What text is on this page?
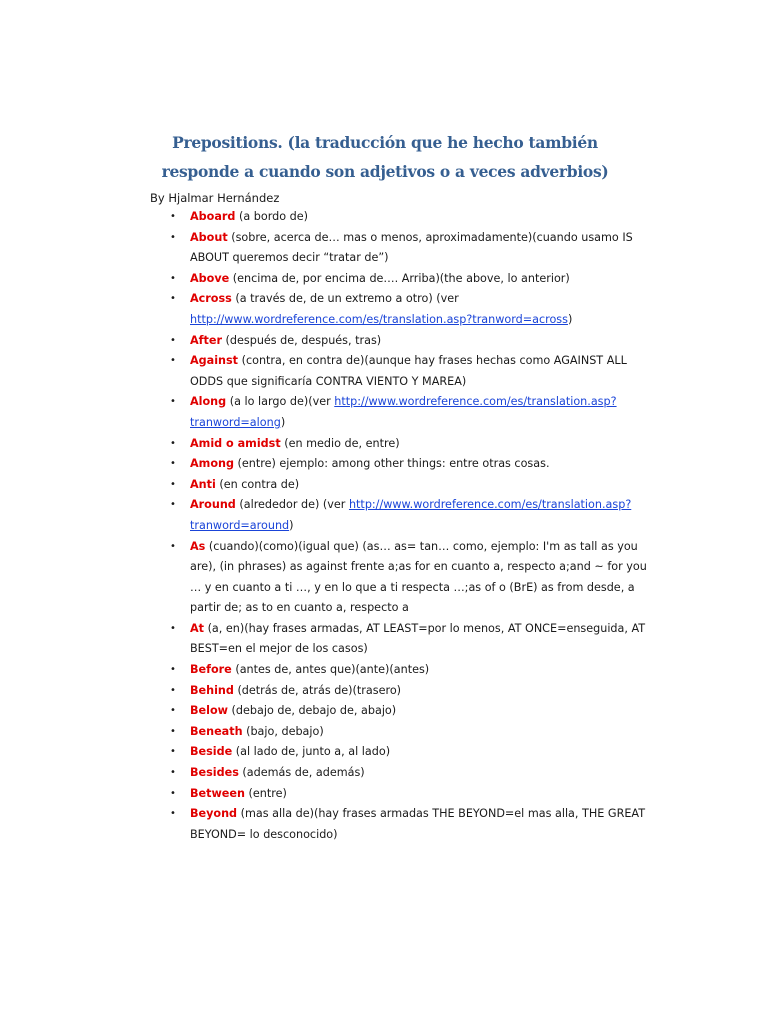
Prepositions. (la traducción que he hecho también responde a cuando son adjetivos o a veces adverbios)
By Hjalmar Hernández
• Aboard (a bordo de)
• About (sobre, acerca de… mas o menos, aproximadamente)(cuando usamo IS ABOUT queremos decir “tratar de”)
• Above (encima de, por encima de…. Arriba)(the above, lo anterior)
• Across (a través de, de un extremo a otro) (ver http://www.wordreference.com/es/translation.asp?tranword=across)
• After (después de, después, tras)
• Against (contra, en contra de)(aunque hay frases hechas como AGAINST ALL ODDS que significaría CONTRA VIENTO Y MAREA)
• Along (a lo largo de)(ver http://www.wordreference.com/es/translation.asp?tranword=along)
• Amid o amidst (en medio de, entre)
• Among (entre) ejemplo: among other things: entre otras cosas.
• Anti (en contra de)
• Around (alrededor de) (ver http://www.wordreference.com/es/translation.asp?tranword=around)
• As (cuando)(como)(igual que) (as… as= tan… como, ejemplo: I'm as tall as you are), (in phrases) as against frente a;as for en cuanto a, respecto a;and ~ for you … y en cuanto a ti …, y en lo que a ti respecta …;as of o (BrE) as from desde, a partir de; as to en cuanto a, respecto a
• At (a, en)(hay frases armadas, AT LEAST=por lo menos, AT ONCE=enseguida, AT BEST=en el mejor de los casos)
• Before (antes de, antes que)(ante)(antes)
• Behind (detrás de, atrás de)(trasero)
• Below (debajo de, debajo de, abajo)
• Beneath (bajo, debajo)
• Beside (al lado de, junto a, al lado)
• Besides (además de, además)
• Between (entre)
• Beyond (mas alla de)(hay frases armadas THE BEYOND=el mas alla, THE GREAT BEYOND= lo desconocido)
